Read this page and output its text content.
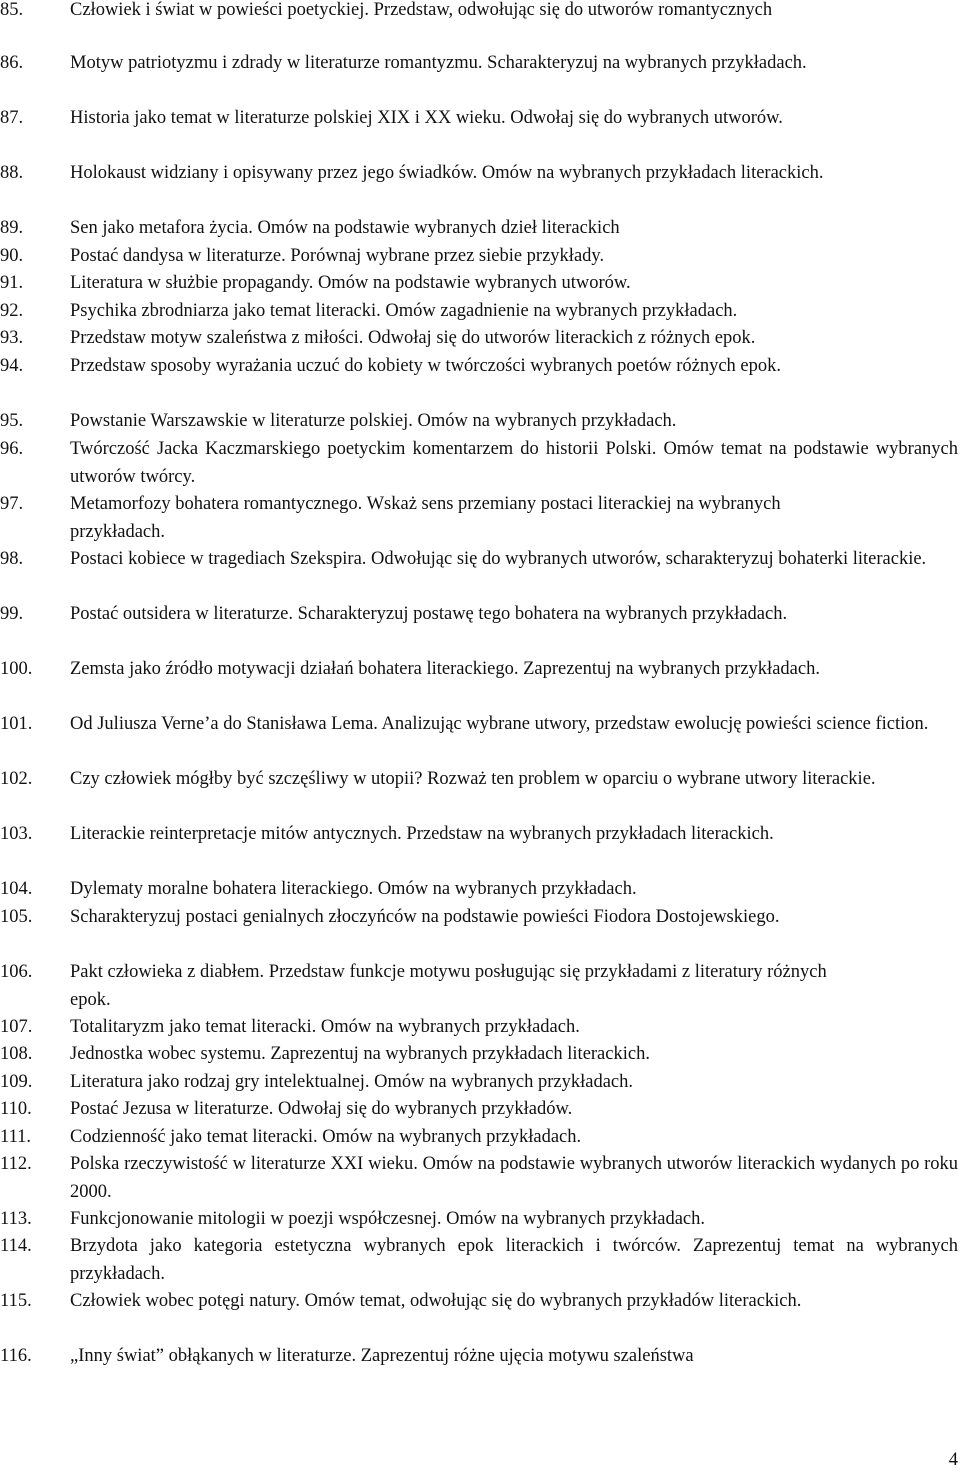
85.	Człowiek i świat w powieści poetyckiej. Przedstaw, odwołując się do utworów romantycznych
86.	Motyw patriotyzmu i zdrady w literaturze romantyzmu. Scharakteryzuj na wybranych przykładach.
87.	Historia jako temat w literaturze polskiej XIX i XX wieku. Odwołaj się do wybranych utworów.
88.	Holokaust widziany i opisywany przez jego świadków. Omów na wybranych przykładach literackich.
89.	Sen jako metafora życia. Omów na podstawie wybranych dzieł literackich
90.	Postać dandysa w literaturze. Porównaj wybrane przez siebie przykłady.
91.	Literatura w służbie propagandy. Omów na podstawie wybranych utworów.
92.	Psychika zbrodniarza jako temat literacki. Omów zagadnienie na wybranych przykładach.
93.	Przedstaw motyw szaleństwa z miłości. Odwołaj się do utworów literackich z różnych epok.
94.	Przedstaw sposoby wyrażania uczuć do kobiety w twórczości wybranych poetów różnych epok.
95.	Powstanie Warszawskie w literaturze polskiej. Omów na wybranych przykładach.
96.	Twórczość Jacka Kaczmarskiego poetyckim komentarzem do historii Polski. Omów temat na podstawie wybranych utworów twórcy.
97.	Metamorfozy bohatera romantycznego. Wskaż sens przemiany postaci literackiej na wybranych przykładach.
98.	Postaci kobiece w tragediach Szekspira. Odwołując się do wybranych utworów, scharakteryzuj bohaterki literackie.
99.	Postać outsidera w literaturze. Scharakteryzuj postawę tego bohatera na wybranych przykładach.
100. Zemsta jako źródło motywacji działań bohatera literackiego. Zaprezentuj na wybranych przykładach.
101. Od Juliusza Verne’a do Stanisława Lema. Analizując wybrane utwory, przedstaw ewolucję powieści science fiction.
102. Czy człowiek mógłby być szczęśliwy w utopii? Rozważ ten problem w oparciu o wybrane utwory literackie.
103. Literackie reinterpretacje mitów antycznych. Przedstaw na wybranych przykładach literackich.
104. Dylematy moralne bohatera literackiego. Omów na wybranych przykładach.
105. Scharakteryzuj postaci genialnych złoczyńców na podstawie powieści Fiodora Dostojewskiego.
106. Pakt człowieka z diabłem. Przedstaw funkcje motywu posługując się przykładami z literatury różnych epok.
107. Totalitaryzm jako temat literacki. Omów na wybranych przykładach.
108. Jednostka wobec systemu. Zaprezentuj na wybranych przykładach literackich.
109. Literatura jako rodzaj gry intelektualnej. Omów na wybranych przykładach.
110. Postać Jezusa w literaturze. Odwołaj się do wybranych przykładów.
111. Codzienność jako temat literacki. Omów na wybranych przykładach.
112. Polska rzeczywistość w literaturze XXI wieku. Omów na podstawie wybranych utworów literackich wydanych po roku 2000.
113. Funkcjonowanie mitologii w poezji współczesnej. Omów na wybranych przykładach.
114. Brzydota jako kategoria estetyczna wybranych epok literackich i twórców. Zaprezentuj temat na wybranych przykładach.
115. Człowiek wobec potęgi natury. Omów temat, odwołując się do wybranych przykładów literackich.
116. „Inny świat” obłąkanych w literaturze. Zaprezentuj różne ujęcia motywu szaleństwa
4
